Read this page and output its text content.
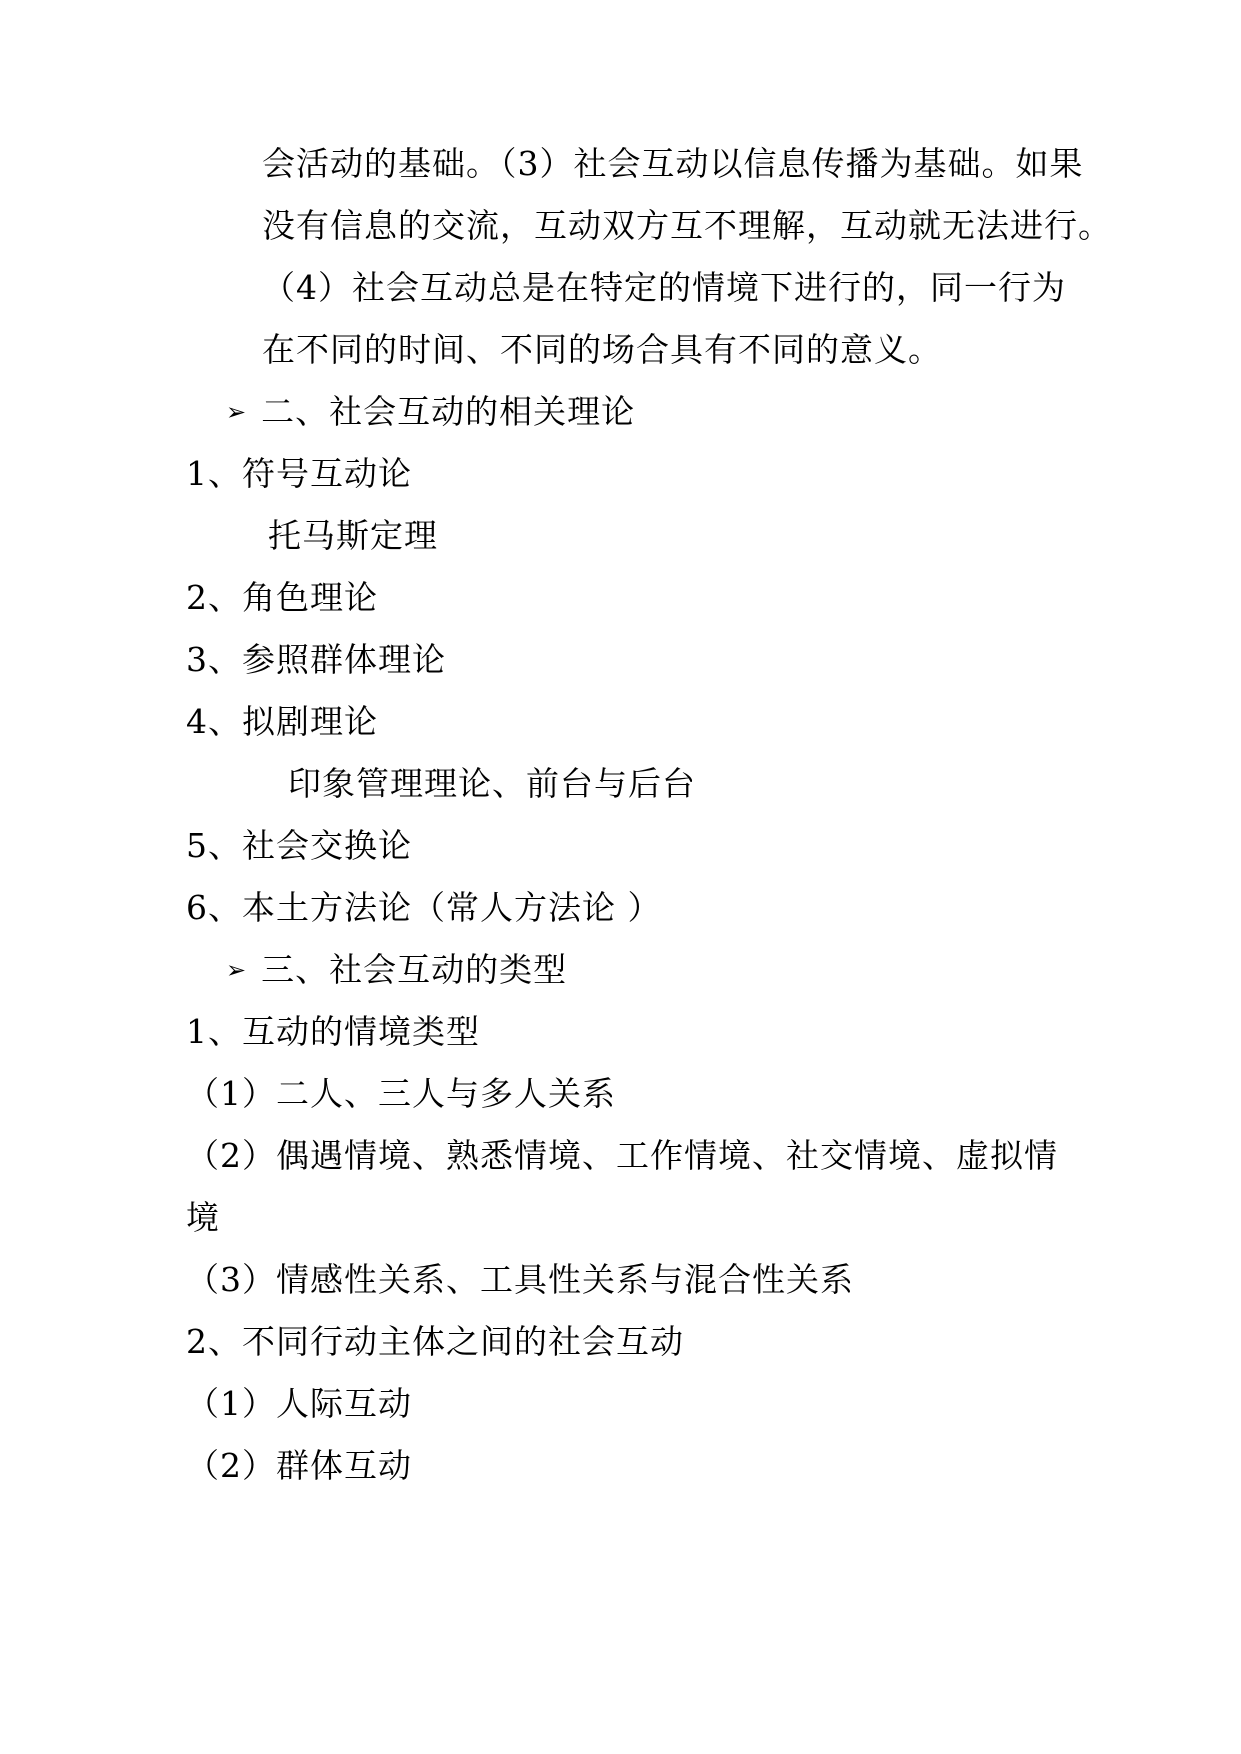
会活动的基础。（3）社会互动以信息传播为基础。如果
没有信息的交流，互动双方互不理解，互动就无法进行。
（4）社会互动总是在特定的情境下进行的，同一行为
在不同的时间、不同的场合具有不同的意义。
➢ 二、社会互动的相关理论
1、符号互动论
托马斯定理
2、角色理论
3、参照群体理论
4、拟剧理论
印象管理理论、前台与后台
5、社会交换论
6、本土方法论（常人方法论 ）
➢ 三、社会互动的类型
1、互动的情境类型
（1）二人、三人与多人关系
（2）偶遇情境、熟悉情境、工作情境、社交情境、虚拟情
境
（3）情感性关系、工具性关系与混合性关系
2、不同行动主体之间的社会互动
（1）人际互动
（2）群体互动
